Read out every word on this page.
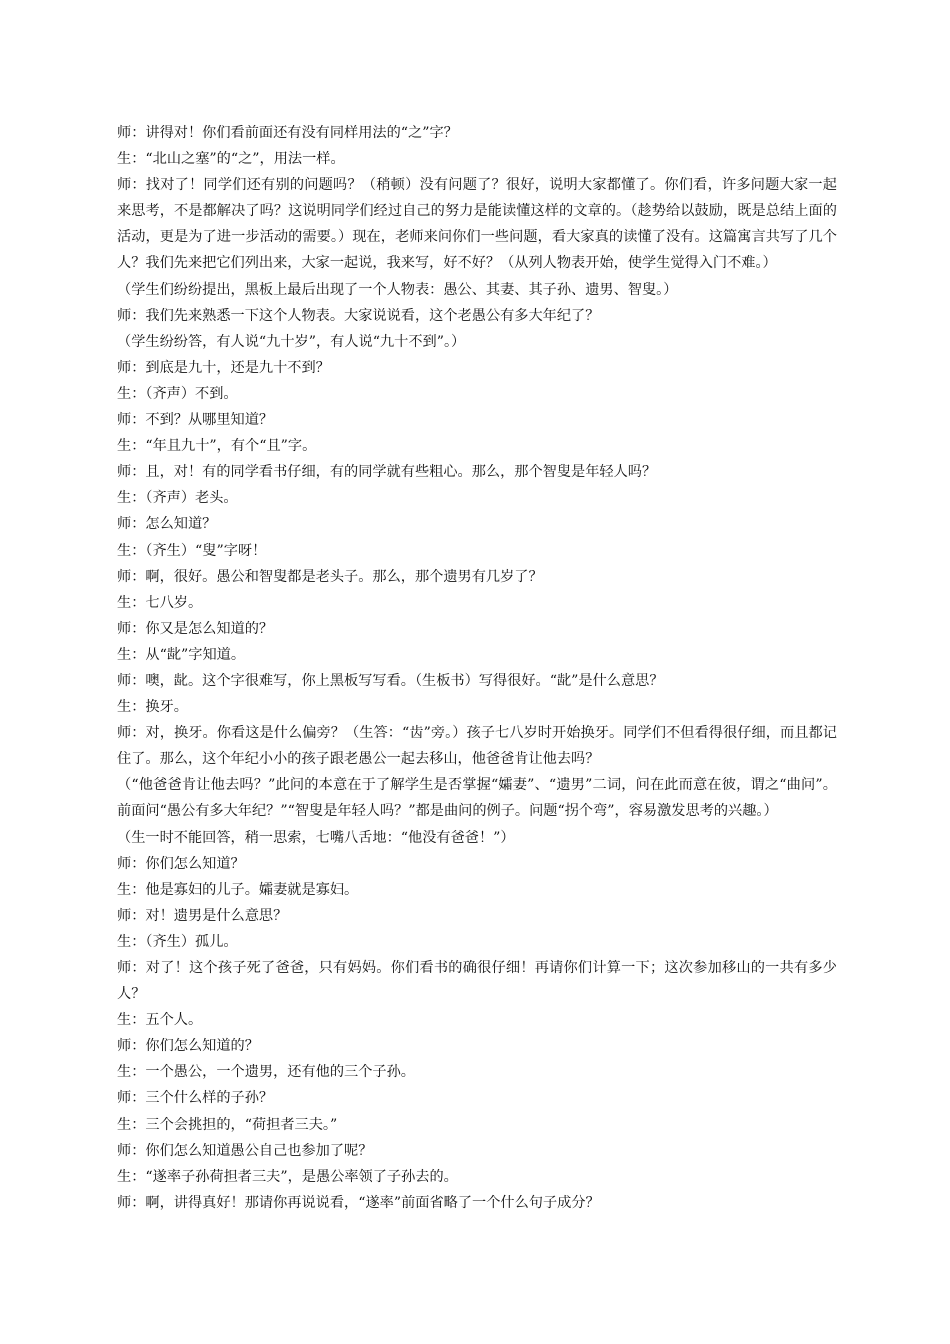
师：讲得对！你们看前面还有没有同样用法的“之”字？

生：“北山之塞”的“之”，用法一样。

师：找对了！同学们还有别的问题吗？（稍顿）没有问题了？很好，说明大家都懂了。你们看，许多问题大家一起来思考，不是都解决了吗？这说明同学们经过自己的努力是能读懂这样的文章的。（趁势给以鼓励，既是总结上面的活动，更是为了进一步活动的需要。）现在，老师来问你们一些问题，看大家真的读懂了没有。这篇寓言共写了几个人？我们先来把它们列出来，大家一起说，我来写，好不好？（从列人物表开始，使学生觉得入门不难。）

（学生们纷纷提出，黑板上最后出现了一个人物表：愚公、其妻、其子孙、遗男、智叟。）

师：我们先来熟悉一下这个人物表。大家说说看，这个老愚公有多大年纪了？

（学生纷纷答，有人说“九十岁”，有人说“九十不到”。）

师：到底是九十，还是九十不到？

生：（齐声）不到。

师：不到？从哪里知道？

生：“年且九十”，有个“且”字。

师：且，对！有的同学看书仔细，有的同学就有些粗心。那么，那个智叟是年轻人吗？

生：（齐声）老头。

师：怎么知道？

生：（齐生）“叟”字呀！

师：啊，很好。愚公和智叟都是老头子。那么，那个遗男有几岁了？

生：七八岁。

师：你又是怎么知道的？

生：从“龀”字知道。

师：噢，龀。这个字很难写，你上黑板写写看。（生板书）写得很好。“龀”是什么意思？

生：换牙。

师：对，换牙。你看这是什么偏旁？（生答：“齿”旁。）孩子七八岁时开始换牙。同学们不但看得很仔细，而且都记住了。那么，这个年纪小小的孩子跟老愚公一起去移山，他爸爸肯让他去吗？

（“他爸爸肯让他去吗？”此问的本意在于了解学生是否掌握“孀妻”、“遗男”二词，问在此而意在彼，谓之“曲问”。前面问“愚公有多大年纪？”“智叟是年轻人吗？”都是曲问的例子。问题“拐个弯”，容易激发思考的兴趣。）

（生一时不能回答，稍一思索，七嘴八舌地：“他没有爸爸！”）

师：你们怎么知道？

生：他是寡妇的儿子。孀妻就是寡妇。

师：对！遗男是什么意思？

生：（齐生）孤儿。

师：对了！这个孩子死了爸爸，只有妈妈。你们看书的确很仔细！再请你们计算一下；这次参加移山的一共有多少人？

生：五个人。

师：你们怎么知道的？

生：一个愚公，一个遗男，还有他的三个子孙。

师：三个什么样的子孙？

生：三个会挑担的，“荷担者三夫。”

师：你们怎么知道愚公自己也参加了呢？

生：“遂率子孙荷担者三夫”，是愚公率领了子孙去的。

师：啊，讲得真好！那请你再说说看，“遂率”前面省略了一个什么句子成分？
